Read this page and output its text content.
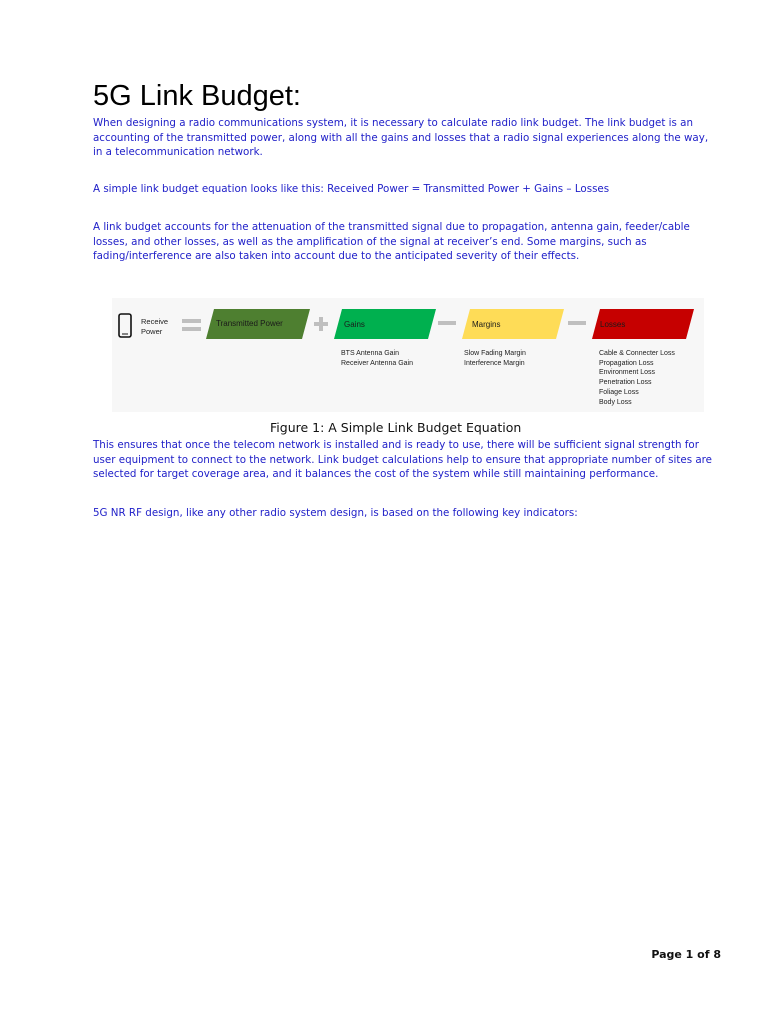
5G Link Budget:

When designing a radio communications system, it is necessary to calculate radio link budget. The link budget is an accounting of the transmitted power, along with all the gains and losses that a radio signal experiences along the way, in a telecommunication network.

A simple link budget equation looks like this: Received Power = Transmitted Power + Gains – Losses

A link budget accounts for the attenuation of the transmitted signal due to propagation, antenna gain, feeder/cable losses, and other losses, as well as the amplification of the signal at receiver’s end. Some margins, such as fading/interference are also taken into account due to the anticipated severity of their effects.

Receive
Power
Transmitted Power	Gains	Margins	Losses
BTS Antenna Gain
Receiver Antenna Gain
Slow Fading Margin
Interference Margin
Cable & Connecter Loss
Propagation Loss
Environment Loss
Penetration Loss
Foliage Loss
Body Loss
Figure 1: A Simple Link Budget Equation

This ensures that once the telecom network is installed and is ready to use, there will be sufficient signal strength for user equipment to connect to the network. Link budget calculations help to ensure that appropriate number of sites are selected for target coverage area, and it balances the cost of the system while still maintaining performance.

5G NR RF design, like any other radio system design, is based on the following key indicators:

Page 1 of 8
